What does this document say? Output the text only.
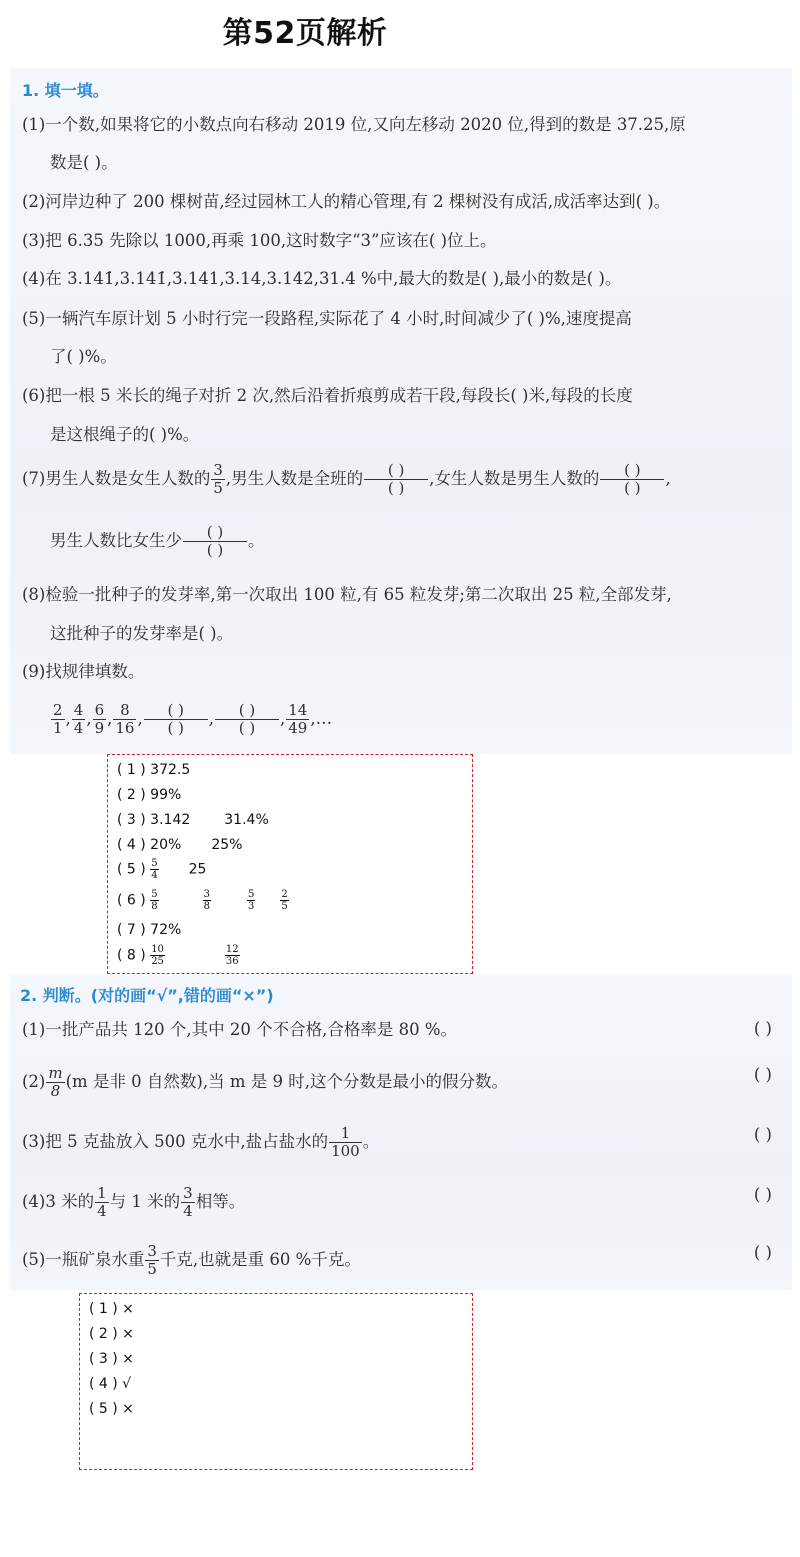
第52页解析
1. 填一填。
(1)一个数,如果将它的小数点向右移动 2019 位,又向左移动 2020 位,得到的数是 37.25,原
数是( )。
(2)河岸边种了 200 棵树苗,经过园林工人的精心管理,有 2 棵树没有成活,成活率达到( )。
(3)把 6.35 先除以 1000,再乘 100,这时数字“3”应该在( )位上。
(4)在 3.14̇1̇,3.141̇,3.141,3.14,3.142,31.4 %中,最大的数是( ),最小的数是( )。
(5)一辆汽车原计划 5 小时行完一段路程,实际花了 4 小时,时间减少了( )%,速度提高
了( )%。
(6)把一根 5 米长的绳子对折 2 次,然后沿着折痕剪成若干段,每段长( )米,每段的长度
是这根绳子的( )%。
(7)男生人数是女生人数的 $\frac{3}{5}$ ,男生人数是全班的 $\frac{( )}{( )}$ ,女生人数是男生人数的 $\frac{( )}{( )}$ ,
男生人数比女生少 $\frac{( )}{( )}$ 。
(8)检验一批种子的发芽率,第一次取出 100 粒,有 65 粒发芽;第二次取出 25 粒,全部发芽,
这批种子的发芽率是( )。
(9)找规律填数。
$\frac{2}{1}$ , $\frac{4}{4}$ , $\frac{6}{9}$ , $\frac{8}{16}$ , $\frac{( )}{( )}$ , $\frac{( )}{( )}$ , $\frac{14}{49}$ ,…
( 1 ) 372.5
( 2 ) 99%
( 3 ) 3.142 31.4%
( 4 ) 20% 25%
( 5 ) $\frac{5}{4} 25$
( 6 ) $\frac{5}{8}$	$\frac{3}{8}$	$\frac{5}{3}$	$\frac{2}{5}$
( 7 ) 72%
( 8 ) $\frac{10}{25}$	$\frac{12}{36}$
2. 判断。(对的画“√”,错的画“×”)
(1)一批产品共 120 个,其中 20 个不合格,合格率是 80 %。	( )
$(2) \frac{m}{8} (m$ 是非 0 自然数),当 m 是 9 时,这个分数是最小的假分数。	( )
(3)把 5 克盐放入 500 克水中,盐占盐水的 $\frac{1}{100}$ 。	( )
(4)3 米的 $\frac{1}{4}$ 与 1 米的 $\frac{3}{4}$ 相等。	( )
(5)一瓶矿泉水重 $\frac{3}{5}$ 千克,也就是重 60 %千克。	( )
( 1 ) ×
( 2 ) ×
( 3 ) ×
( 4 ) √
( 5 ) ×
